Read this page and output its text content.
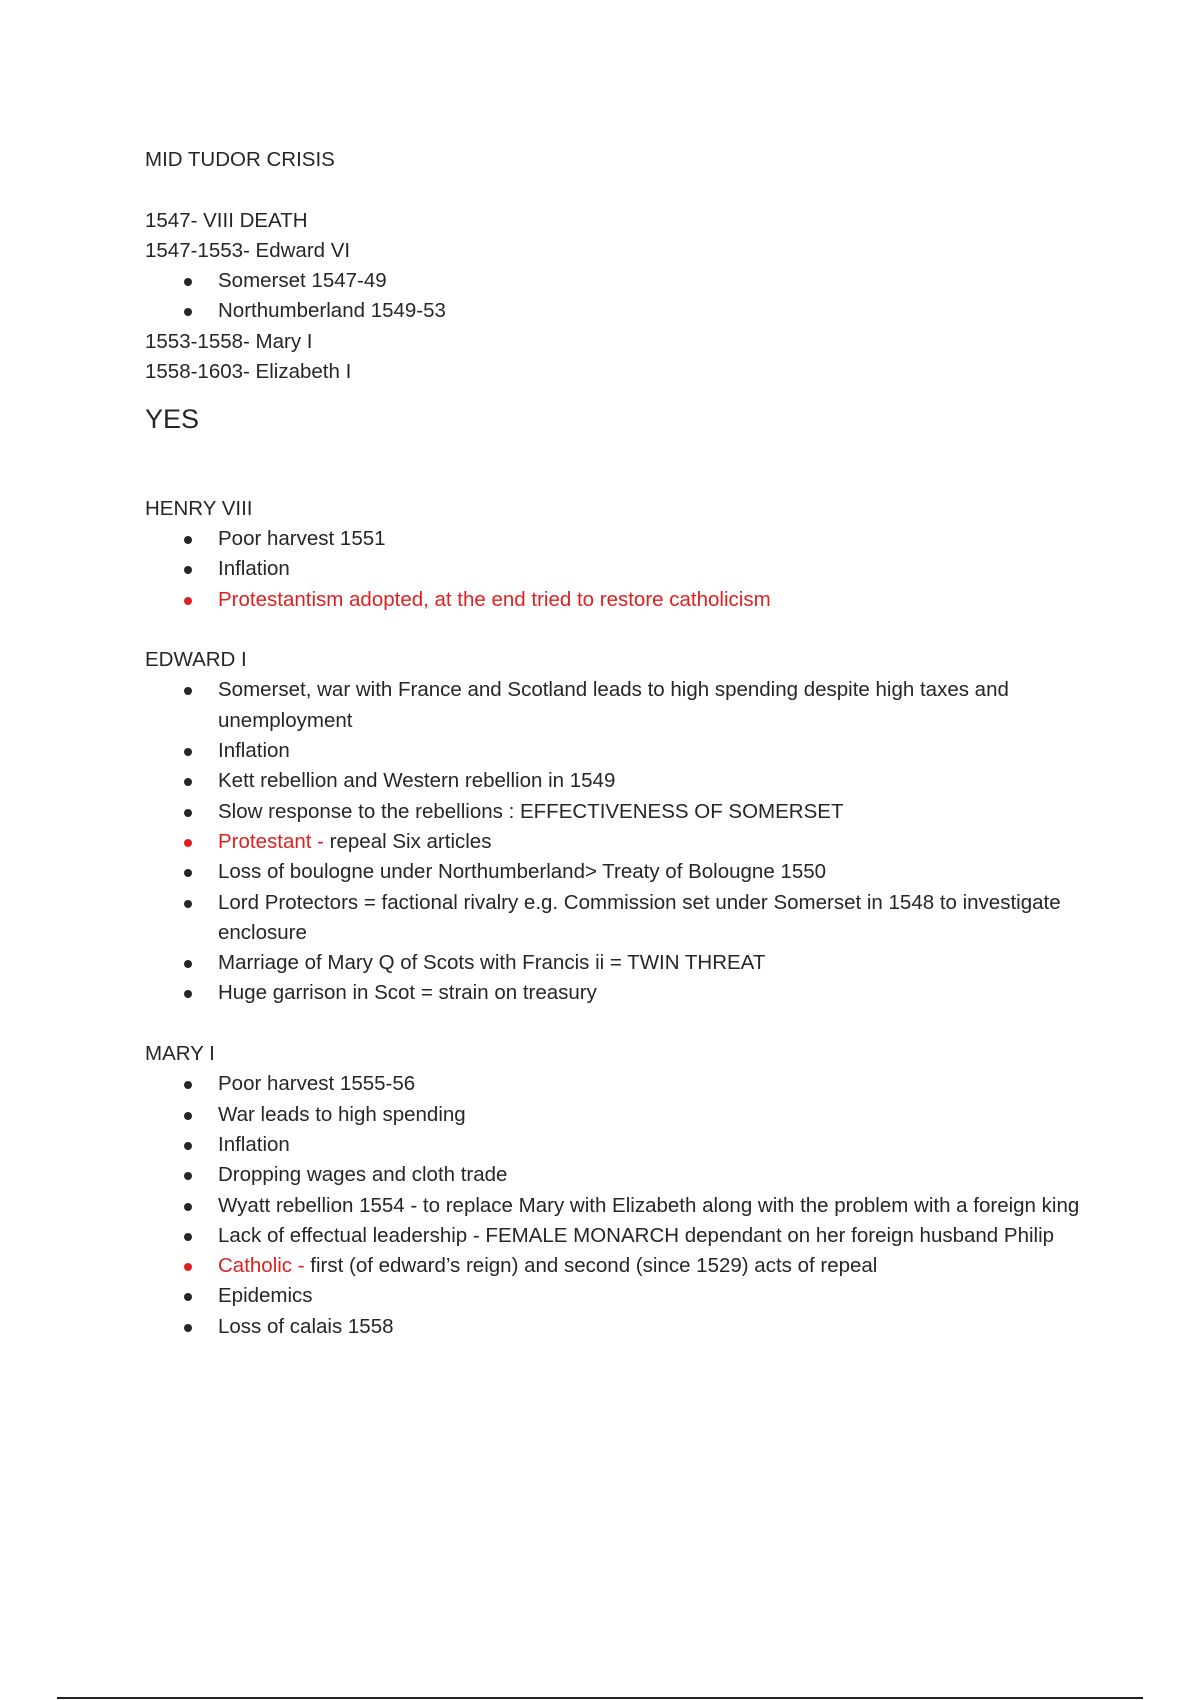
MID TUDOR CRISIS

1547- VIII DEATH

1547-1553- Edward VI

Somerset 1547-49
Northumberland 1549-53

1553-1558- Mary I

1558-1603- Elizabeth I

YES

HENRY VIII

Poor harvest 1551
Inflation
Protestantism adopted, at the end tried to restore catholicism

EDWARD I

Somerset, war with France and Scotland leads to high spending despite high taxes and unemployment
Inflation
Kett rebellion and Western rebellion in 1549
Slow response to the rebellions : EFFECTIVENESS OF SOMERSET
Protestant - repeal Six articles
Loss of boulogne under Northumberland> Treaty of Bolougne 1550
Lord Protectors = factional rivalry e.g. Commission set under Somerset in 1548 to investigate enclosure
Marriage of Mary Q of Scots with Francis ii = TWIN THREAT
Huge garrison in Scot = strain on treasury

MARY I

Poor harvest 1555-56
War leads to high spending
Inflation
Dropping wages and cloth trade
Wyatt rebellion 1554 - to replace Mary with Elizabeth along with the problem with a foreign king
Lack of effectual leadership - FEMALE MONARCH dependant on her foreign husband Philip
Catholic - first (of edward’s reign) and second (since 1529) acts of repeal
Epidemics
Loss of calais 1558
